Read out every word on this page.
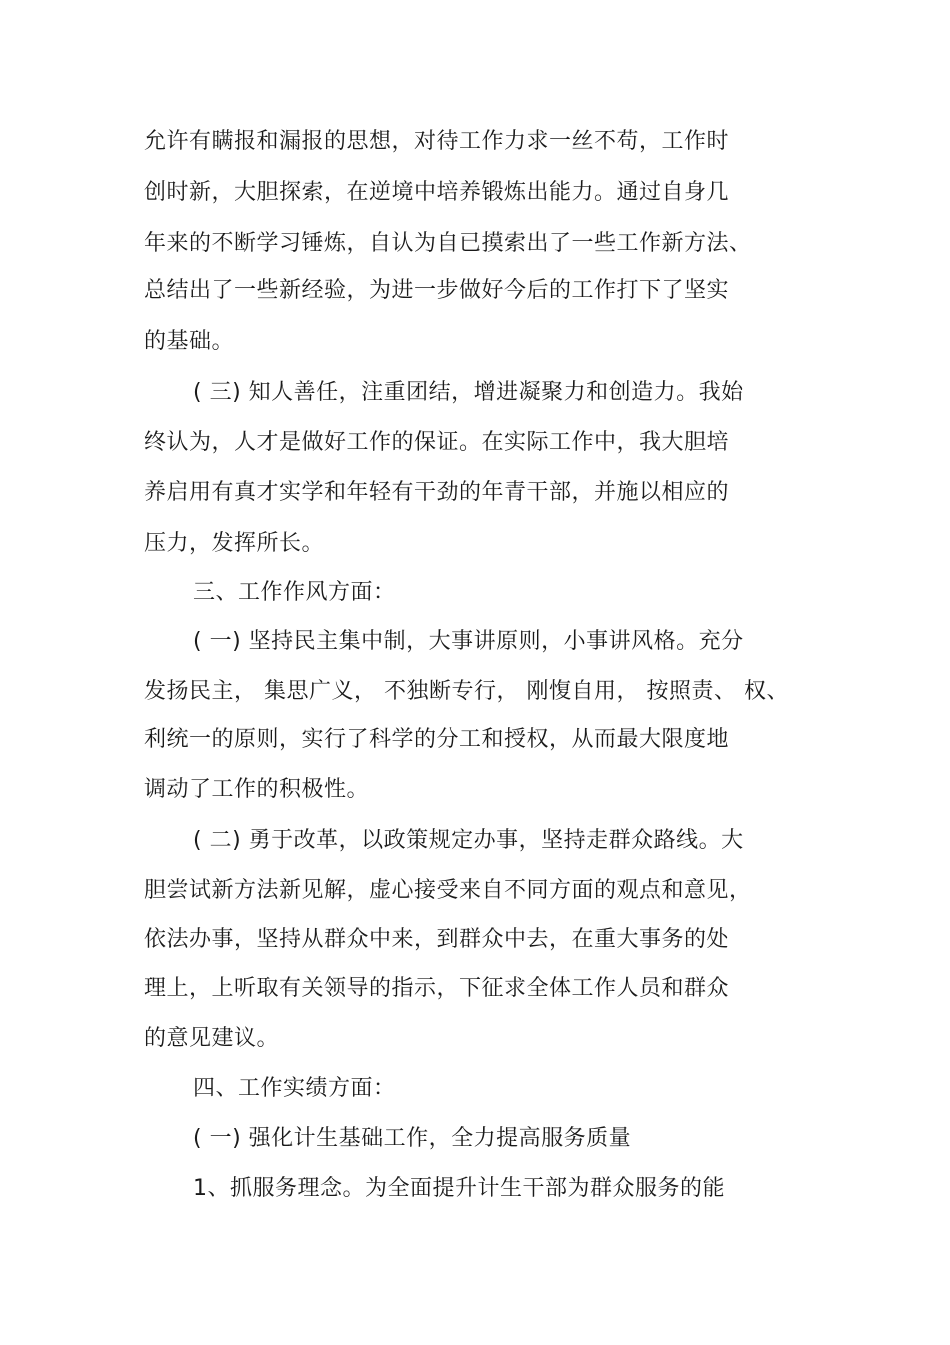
允许有瞒报和漏报的思想，对待工作力求一丝不苟，工作时
创时新，大胆探索，在逆境中培养锻炼出能力。通过自身几
年来的不断学习锤炼，自认为自已摸索出了一些工作新方法、
总结出了一些新经验，为进一步做好今后的工作打下了坚实
的基础。
( 三) 知人善任，注重团结，增进凝聚力和创造力。我始
终认为，人才是做好工作的保证。在实际工作中，我大胆培
养启用有真才实学和年轻有干劲的年青干部，并施以相应的
压力，发挥所长。
三、工作作风方面：
( 一) 坚持民主集中制，大事讲原则，小事讲风格。充分
发扬民主， 集思广义， 不独断专行， 刚愎自用， 按照责、 权、
利统一的原则，实行了科学的分工和授权，从而最大限度地
调动了工作的积极性。
( 二) 勇于改革，以政策规定办事，坚持走群众路线。大
胆尝试新方法新见解，虚心接受来自不同方面的观点和意见，
依法办事，坚持从群众中来，到群众中去，在重大事务的处
理上，上听取有关领导的指示，下征求全体工作人员和群众
的意见建议。
四、工作实绩方面：
( 一) 强化计生基础工作，全力提高服务质量
1、抓服务理念。为全面提升计生干部为群众服务的能
